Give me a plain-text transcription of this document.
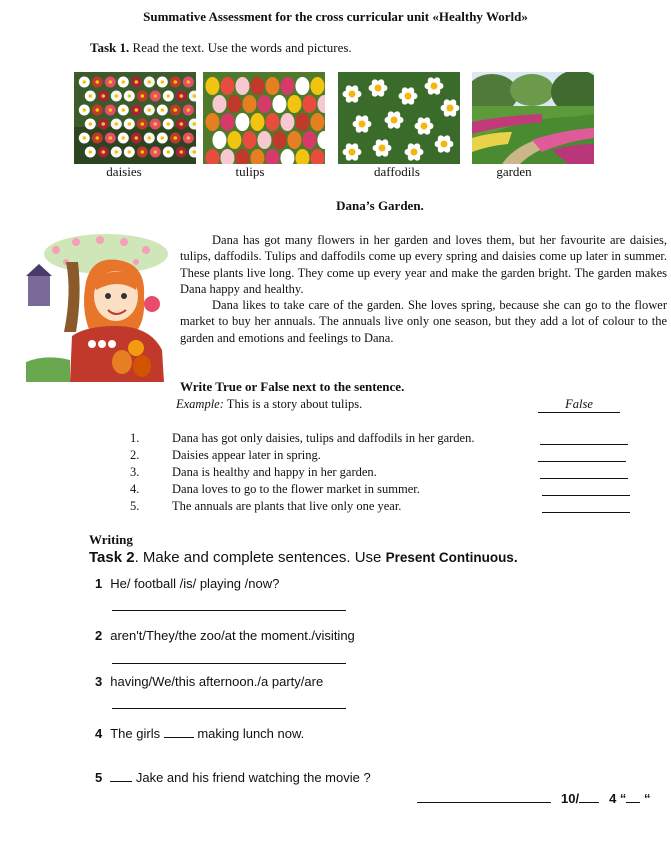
Summative Assessment for the cross curricular unit «Healthy World»
Task 1. Read the text. Use the words and pictures.
daisies	tulips	daffodils	garden
Dana’s Garden.

Dana has got many flowers in her garden and loves them, but her favourite are daisies, tulips, daffodils. Tulips and daffodils come up every spring and daisies come up later in summer. These plants live long. They come up every year and make the garden bright. The garden makes Dana happy and healthy.

Dana likes to take care of the garden. She loves spring, because she can go to the flower market to buy her annuals. The annuals live only one season, but they add a lot of colour to the garden and emotions and feelings to Dana.

Write True or False next to the sentence.
Example: This is a story about tulips.	False
1.	Dana has got only daisies, tulips and daffodils in her garden.
2.	Daisies appear later in spring.
3.	Dana is healthy and happy in her garden.
4.	Dana loves to go to the flower market in summer.
5.	The annuals are plants that live only one year.
Writing
Task 2. Make and complete sentences. Use Present Continuous.
1 He/ football /is/ playing /now?
2 aren't/They/the zoo/at the moment./visiting
3 having/We/this afternoon./a party/are
4 The girls  making lunch now.
5 Jake and his friend watching the movie ?
10/ 4 “ “
